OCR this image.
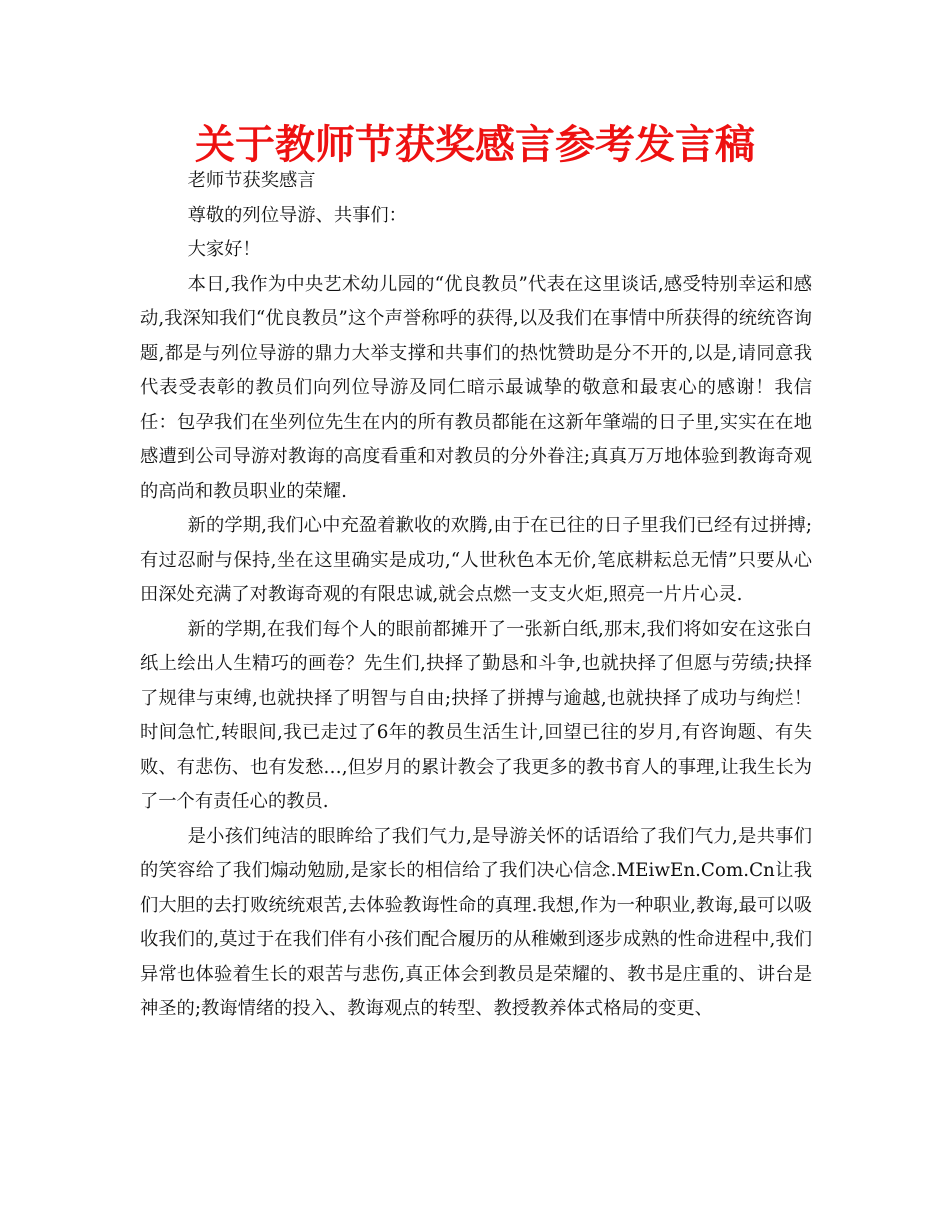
关于教师节获奖感言参考发言稿

老师节获奖感言

尊敬的列位导游、共事们：

大家好！

本日,我作为中央艺术幼儿园的“优良教员”代表在这里谈话,感受特别幸运和感动,我深知我们“优良教员”这个声誉称呼的获得,以及我们在事情中所获得的统统咨询题,都是与列位导游的鼎力大举支撑和共事们的热忱赞助是分不开的,以是,请同意我代表受表彰的教员们向列位导游及同仁暗示最诚挚的敬意和最衷心的感谢！我信任：包孕我们在坐列位先生在内的所有教员都能在这新年肇端的日子里,实实在在地感遭到公司导游对教诲的高度看重和对教员的分外眷注;真真万万地体验到教诲奇观的高尚和教员职业的荣耀.

新的学期,我们心中充盈着歉收的欢腾,由于在已往的日子里我们已经有过拼搏;有过忍耐与保持,坐在这里确实是成功,“人世秋色本无价,笔底耕耘总无情”只要从心田深处充满了对教诲奇观的有限忠诚,就会点燃一支支火炬,照亮一片片心灵.

新的学期,在我们每个人的眼前都摊开了一张新白纸,那末,我们将如安在这张白纸上绘出人生精巧的画卷？先生们,抉择了勤恳和斗争,也就抉择了但愿与劳绩;抉择了规律与束缚,也就抉择了明智与自由;抉择了拼搏与逾越,也就抉择了成功与绚烂！时间急忙,转眼间,我已走过了6年的教员生活生计,回望已往的岁月,有咨询题、有失败、有悲伤、也有发愁…,但岁月的累计教会了我更多的教书育人的事理,让我生长为了一个有责任心的教员.

是小孩们纯洁的眼眸给了我们气力,是导游关怀的话语给了我们气力,是共事们的笑容给了我们煽动勉励,是家长的相信给了我们决心信念.MEiwEn.Com.Cn让我们大胆的去打败统统艰苦,去体验教诲性命的真理.我想,作为一种职业,教诲,最可以吸收我们的,莫过于在我们伴有小孩们配合履历的从稚嫩到逐步成熟的性命进程中,我们异常也体验着生长的艰苦与悲伤,真正体会到教员是荣耀的、教书是庄重的、讲台是神圣的;教诲情绪的投入、教诲观点的转型、教授教养体式格局的变更、
